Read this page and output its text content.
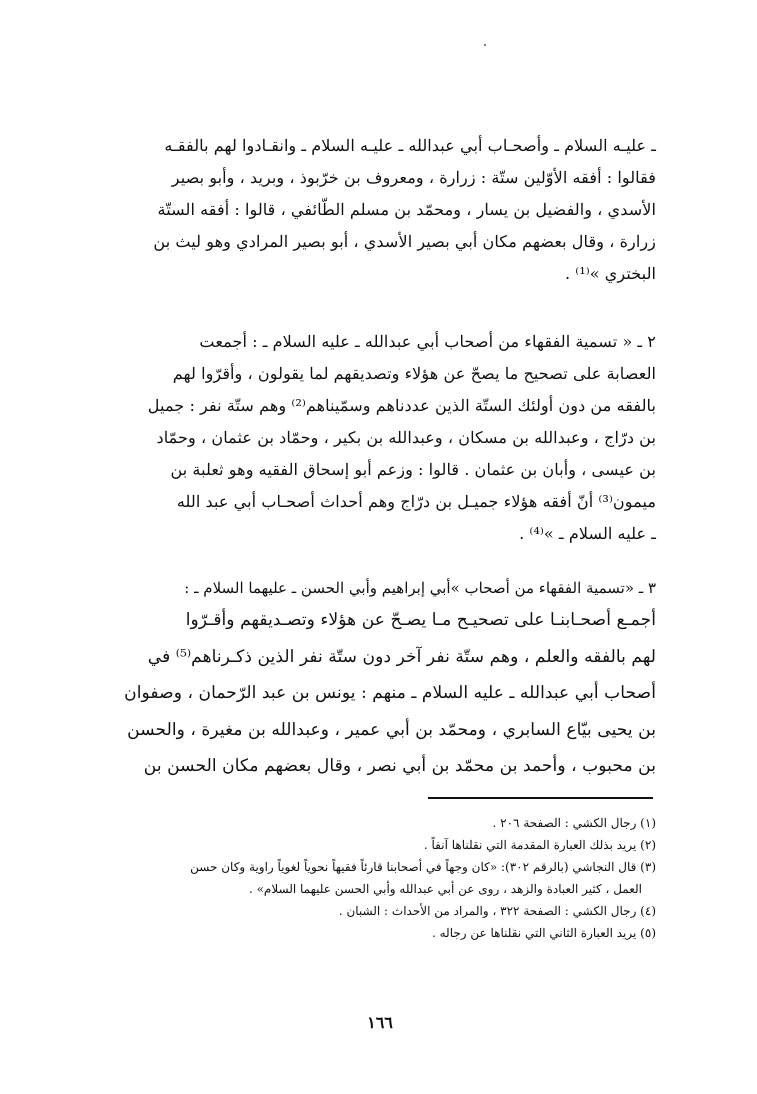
ـ عليـه السلام ـ وأصحـاب أبي عبدالله ـ عليـه السلام ـ وانقـادوا لهم بالفقـه

فقالوا : أفقه الأوّلين ستّة : زرارة ، ومعروف بن خرّبوذ ، وبريد ، وأبو بصير

الأسدي ، والفضيل بن يسار ، ومحمّد بن مسلم الطّائفي ، قالوا : أفقه الستّة

زرارة ، وقال بعضهم مكان أبي بصير الأسدي ، أبو بصير المرادي وهو ليث بن

البختري »⁽¹⁾ .

٢ ـ « تسمية الفقهاء من أصحاب أبي عبدالله ـ عليه السلام ـ : أجمعت

العصابة على تصحيح ما يصحّ عن هؤلاء وتصديقهم لما يقولون ، وأقرّوا لهم

بالفقه من دون أولئك الستّة الذين عددناهم وسمّيناهم⁽²⁾ وهم ستّة نفر : جميل

بن درّاج ، وعبدالله بن مسكان ، وعبدالله بن بكير ، وحمّاد بن عثمان ، وحمّاد

بن عيسى ، وأبان بن عثمان . قالوا : وزعم أبو إسحاق الفقيه وهو ثعلبة بن

ميمون⁽³⁾ أنّ أفقه هؤلاء جميـل بن درّاج وهم أحداث أصحـاب أبي عبد الله

ـ عليه السلام ـ »⁽⁴⁾ .

٣ ـ «تسمية الفقهاء من أصحاب »أبي إبراهيم وأبي الحسن ـ عليهما السلام ـ :

أجمـع أصحـابنـا على تصحيـح مـا يصـحّ عن هؤلاء وتصـديقهم وأقـرّوا

لهم بالفقه والعلم ، وهم ستّة نفر آخر دون ستّة نفر الذين ذكـرناهم⁽⁵⁾ في

أصحاب أبي عبدالله ـ عليه السلام ـ منهم : يونس بن عبد الرّحمان ، وصفوان

بن يحيى بيّاع السابري ، ومحمّد بن أبي عمير ، وعبدالله بن مغيرة ، والحسن

بن محبوب ، وأحمد بن محمّد بن أبي نصر ، وقال بعضهم مكان الحسن بن

(١) رجال الكشي : الصفحة ٢٠٦ .

(٢) يريد بذلك العبارة المقدمة التي نقلناها آنفاً .

(٣) قال النجاشي (بالرقم ٣٠٢): «كان وجهاً في أصحابنا قارئاً فقيهاً نحوياً لغوياً راوية وكان حسن

العمل ، كثير العبادة والزهد ، روى عن أبي عبدالله وأبي الحسن عليهما السلام» .

(٤) رجال الكشي : الصفحة ٣٢٢ ، والمراد من الأحداث : الشبان .

(٥) يريد العبارة الثاني التي نقلناها عن رجاله .

١٦٦
